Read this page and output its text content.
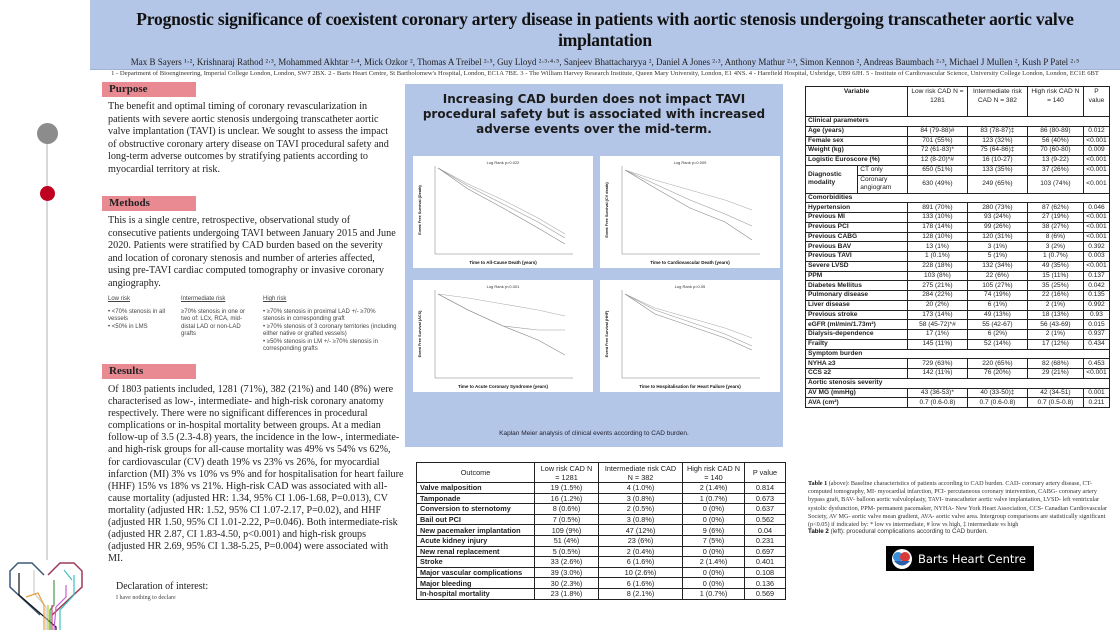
Prognostic significance of coexistent coronary artery disease in patients with aortic stenosis undergoing transcatheter aortic valve implantation
Max B Sayers ¹·², Krishnaraj Rathod ²·³, Mohammed Akhtar ²·⁴, Mick Ozkor ², Thomas A Treibel ²·⁵, Guy Lloyd ²·³·⁴·⁵, Sanjeev Bhattacharyya ², Daniel A Jones ²·³, Anthony Mathur ²·³, Simon Kennon ², Andreas Baumbach ²·³, Michael J Mullen ², Kush P Patel ²·⁵
1 - Department of Bioengineering, Imperial College London, London, SW7 2BX. 2 - Barts Heart Centre, St Bartholomew's Hospital, London, EC1A 7BE. 3 - The William Harvey Research Institute, Queen Mary University, London, E1 4NS. 4 - Harefield Hospital, Uxbridge, UB9 6JH. 5 - Institute of Cardiovascular Science, University College London, London, EC1E 6BT
Purpose
The benefit and optimal timing of coronary revascularization in patients with severe aortic stenosis undergoing transcatheter aortic valve implantation (TAVI) is unclear. We sought to assess the impact of obstructive coronary artery disease on TAVI procedural safety and long-term adverse outcomes by stratifying patients according to myocardial territory at risk.
Methods
This is a single centre, retrospective, observational study of consecutive patients undergoing TAVI between January 2015 and June 2020. Patients were stratified by CAD burden based on the severity and location of coronary stenosis and number of arteries affected, using pre-TAVI cardiac computed tomography or invasive coronary angiography.
Low risk
• <70% stenosis in all vessels
• <50% in LMS
Intermediate risk
≥70% stenosis in one or two of: LCx, RCA, mid-distal LAD or non-LAD grafts
High risk
• ≥70% stenosis in proximal LAD +/- ≥70% stenosis in corresponding graft
• ≥70% stenosis of 3 coronary territories (including either native or grafted vessels)
• ≥50% stenosis in LM +/- ≥70% stenosis in corresponding grafts
Results
Of 1803 patients included, 1281 (71%), 382 (21%) and 140 (8%) were characterised as low-, intermediate- and high-risk coronary anatomy respectively. There were no significant differences in procedural complications or in-hospital mortality between groups. At a median follow-up of 3.5 (2.3-4.8) years, the incidence in the low-, intermediate- and high-risk groups for all-cause mortality was 49% vs 54% vs 62%, for cardiovascular (CV) death 19% vs 23% vs 26%, for myocardial infarction (MI) 3% vs 10% vs 9% and for hospitalisation for heart failure (HHF) 15% vs 18% vs 21%. High-risk CAD was associated with all-cause mortality (adjusted HR: 1.34, 95% CI 1.06-1.68, P=0.013), CV mortality (adjusted HR: 1.52, 95% CI 1.07-2.17, P=0.02), and HHF (adjusted HR 1.50, 95% CI 1.01-2.22, P=0.046). Both intermediate-risk (adjusted HR 2.87, CI 1.83-4.50, p<0.001) and high-risk groups (adjusted HR 2.69, 95% CI 1.38-5.25, P=0.004) were associated with MI.
Declaration of interest:
I have nothing to declare
Increasing CAD burden does not impact TAVI procedural safety but is associated with increased adverse events over the mid-term.
Log Rank p=0.022
Time to All-Cause Death (years)
Event Free Survival (Death)
Log Rank p=0.009
Time to Cardiovascular Death (years)
Event Free Survival (CV death)
Log Rank p<0.001
Time to Acute Coronary Syndrome (years)
Event Free Survival (ACS)
Log Rank p=0.05
Time to Hospitalisation for Heart Failure (years)
Event Free Survival (HHF)
Kaplan Meier analysis of clinical events according to CAD burden.
Outcome	Low risk CAD N = 1281	Intermediate risk CAD N = 382	High risk CAD N = 140	P value
Valve malposition	19 (1.5%)	4 (1.0%)	2 (1.4%)	0.814
Tamponade	16 (1.2%)	3 (0.8%)	1 (0.7%)	0.673
Conversion to sternotomy	8 (0.6%)	2 (0.5%)	0 (0%)	0.637
Bail out PCI	7 (0.5%)	3 (0.8%)	0 (0%)	0.562
New pacemaker implantation	109 (9%)	47 (12%)	9 (6%)	0.04
Acute kidney injury	51 (4%)	23 (6%)	7 (5%)	0.231
New renal replacement	5 (0.5%)	2 (0.4%)	0 (0%)	0.697
Stroke	33 (2.6%)	6 (1.6%)	2 (1.4%)	0.401
Major vascular complications	39 (3.0%)	10 (2.6%)	0 (0%)	0.108
Major bleeding	30 (2.3%)	6 (1.6%)	0 (0%)	0.136
In-hospital mortality	23 (1.8%)	8 (2.1%)	1 (0.7%)	0.569
Variable		Low risk CAD N = 1281	Intermediate risk CAD N = 382	High risk CAD N = 140	P value
Clinical parameters					
Age (years)		84 (79-88)#	83 (78-87)‡	86 (80-89)	0.012
Female sex		701 (55%)	123 (32%)	56 (40%)	<0.001
Weight (kg)		72 (61-83)*	75 (64-86)‡	70 (60-80)	0.009
Logistic Euroscore (%)		12 (8-20)*#	16 (10-27)	13 (9-22)	<0.001
Diagnostic modality	CT only	650 (51%)	133 (35%)	37 (26%)	<0.001
	Coronary angiogram	630 (49%)	249 (65%)	103 (74%)	<0.001
Comorbidities					
Hypertension		891 (70%)	280 (73%)	87 (62%)	0.046
Previous MI		133 (10%)	93 (24%)	27 (19%)	<0.001
Previous PCI		178 (14%)	99 (26%)	38 (27%)	<0.001
Previous CABG		128 (10%)	120 (31%)	8 (6%)	<0.001
Previous BAV		13 (1%)	3 (1%)	3 (2%)	0.392
Previous TAVI		1 (0.1%)	5 (1%)	1 (0.7%)	0.003
Severe LVSD		228 (18%)	132 (34%)	49 (35%)	<0.001
PPM		103 (8%)	22 (6%)	15 (11%)	0.137
Diabetes Mellitus		275 (21%)	105 (27%)	35 (25%)	0.042
Pulmonary disease		284 (22%)	74 (19%)	22 (16%)	0.135
Liver disease		20 (2%)	6 (1%)	2 (1%)	0.992
Previous stroke		173 (14%)	49 (13%)	18 (13%)	0.93
eGFR (ml/min/1.73m²)		58 (45-72)*#	55 (42-67)	56 (43-69)	0.015
Dialysis-dependence		17 (1%)	6 (2%)	2 (1%)	0.937
Frailty		145 (11%)	52 (14%)	17 (12%)	0.434
Symptom burden					
NYHA ≥3		729 (63%)	220 (65%)	82 (68%)	0.453
CCS ≥2		142 (11%)	76 (20%)	29 (21%)	<0.001
Aortic stenosis severity					
AV MG (mmHg)		43 (36-53)*	40 (33-50)‡	42 (34-51)	0.001
AVA (cm²)		0.7 (0.6-0.8)	0.7 (0.6-0.8)	0.7 (0.5-0.8)	0.211
Table 1 (above): Baseline characteristics of patients according to CAD burden. CAD- coronary artery disease, CT- computed tomography, MI- myocardial infarction, PCI- percutaneous coronary intervention, CABG- coronary artery bypass graft, BAV- balloon aortic valvuloplasty, TAVI- transcatheter aortic valve implantation, LVSD- left ventricular systolic dysfunction, PPM- permanent pacemaker, NYHA- New York Heart Association, CCS- Canadian Cardiovascular Society, AV MG- aortic valve mean gradient, AVA- aortic valve area. Intergroup comparisons are statistically significant (p<0.05) if indicated by: * low vs intermediate, # low vs high, ‡ intermediate vs high
Table 2 (left): procedural complications according to CAD burden.
Barts Heart Centre
